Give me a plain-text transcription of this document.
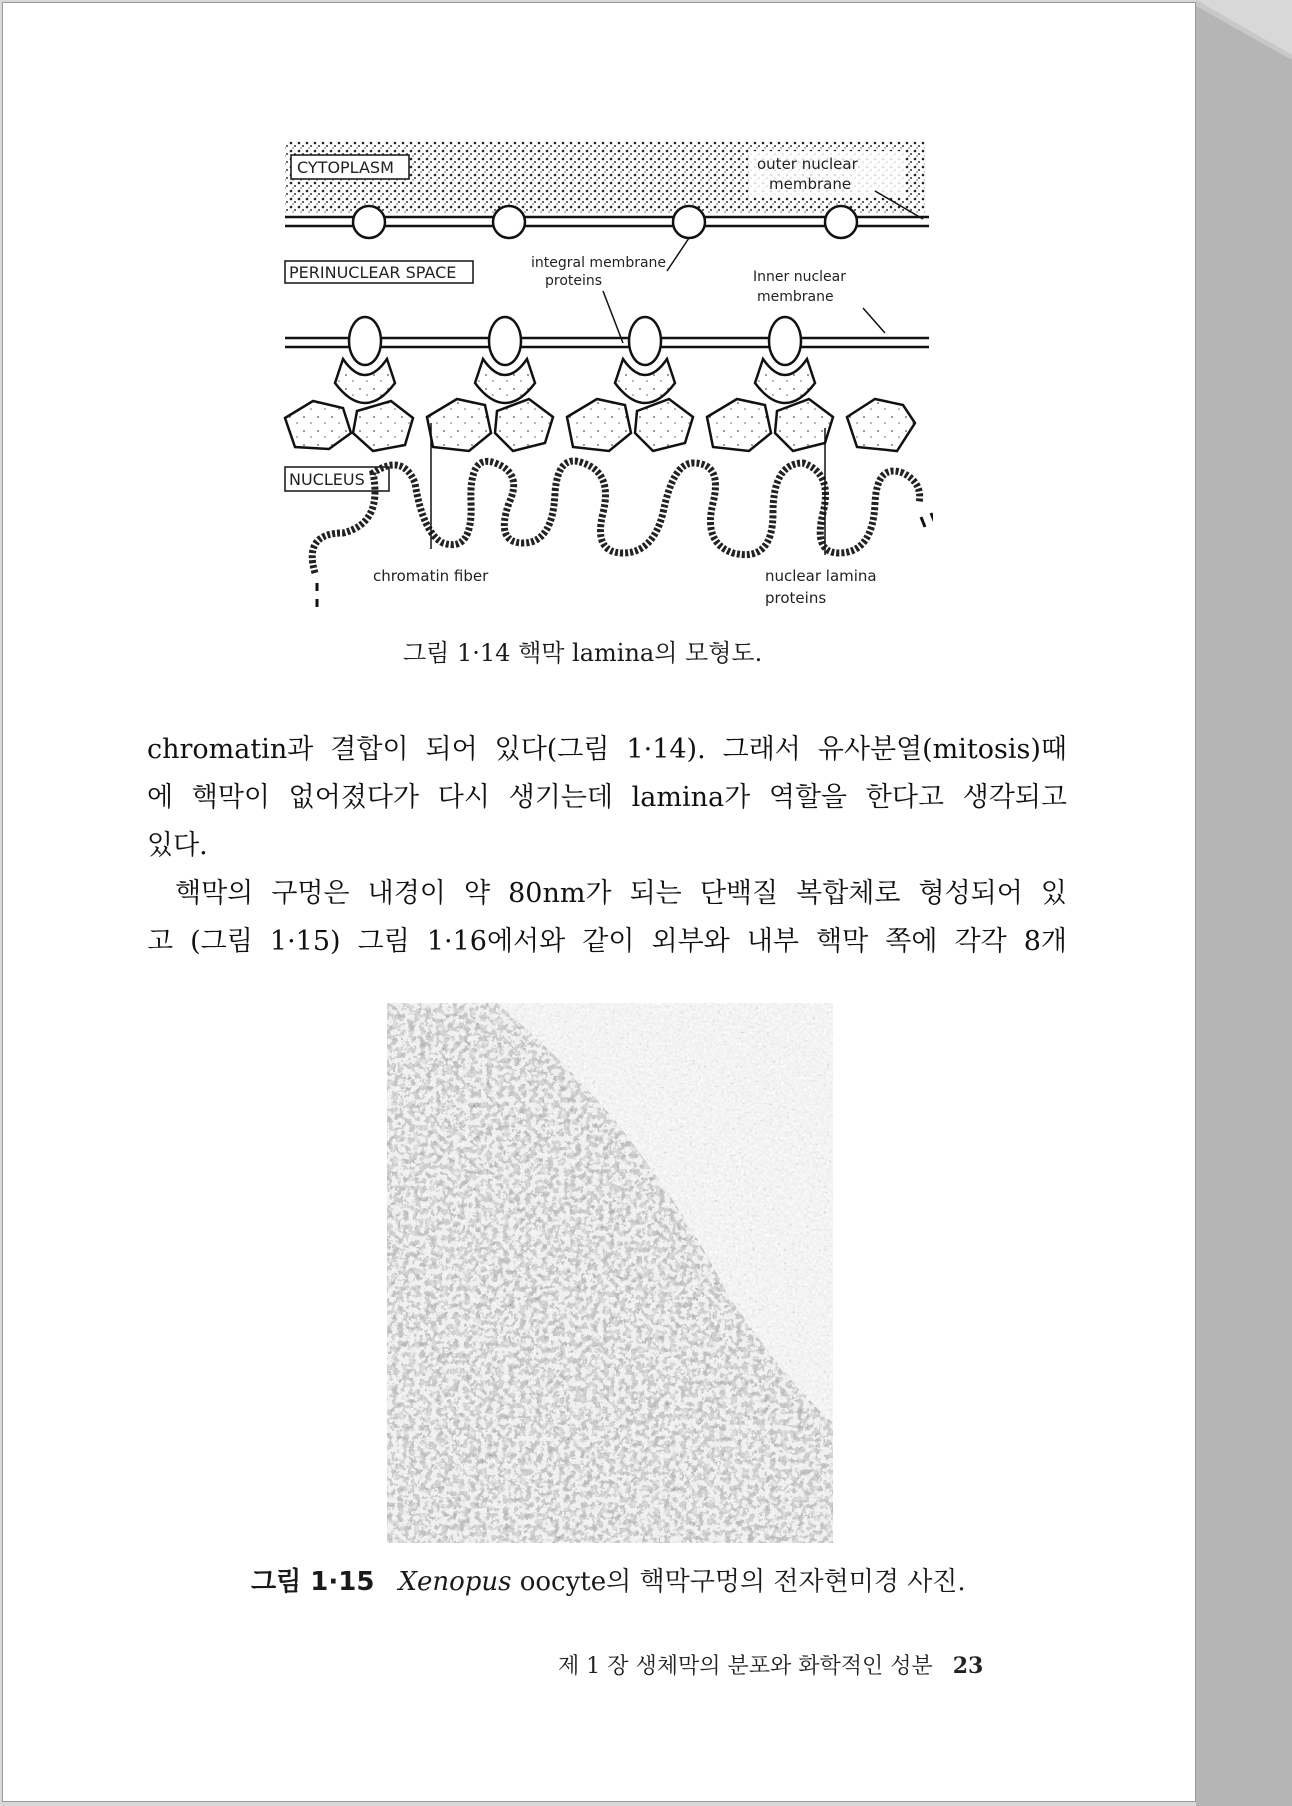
CYTOPLASM	outer nuclear
membrane
PERINUCLEAR SPACE	integral membrane
proteins	Inner nuclear
membrane
NUCLEUS
chromatin fiber	nuclear lamina
proteins
그림 1·14 핵막 lamina의 모형도.

chromatin과 결합이 되어 있다(그림 1·14). 그래서 유사분열(mitosis)때

에 핵막이 없어졌다가 다시 생기는데 lamina가 역할을 한다고 생각되고

있다.

핵막의 구멍은 내경이 약 80nm가 되는 단백질 복합체로 형성되어 있

고 (그림 1·15) 그림 1·16에서와 같이 외부와 내부 핵막 쪽에 각각 8개

그림 1·15 Xenopus oocyte의 핵막구멍의 전자현미경 사진.
제 1 장 생체막의 분포와 화학적인 성분 23
